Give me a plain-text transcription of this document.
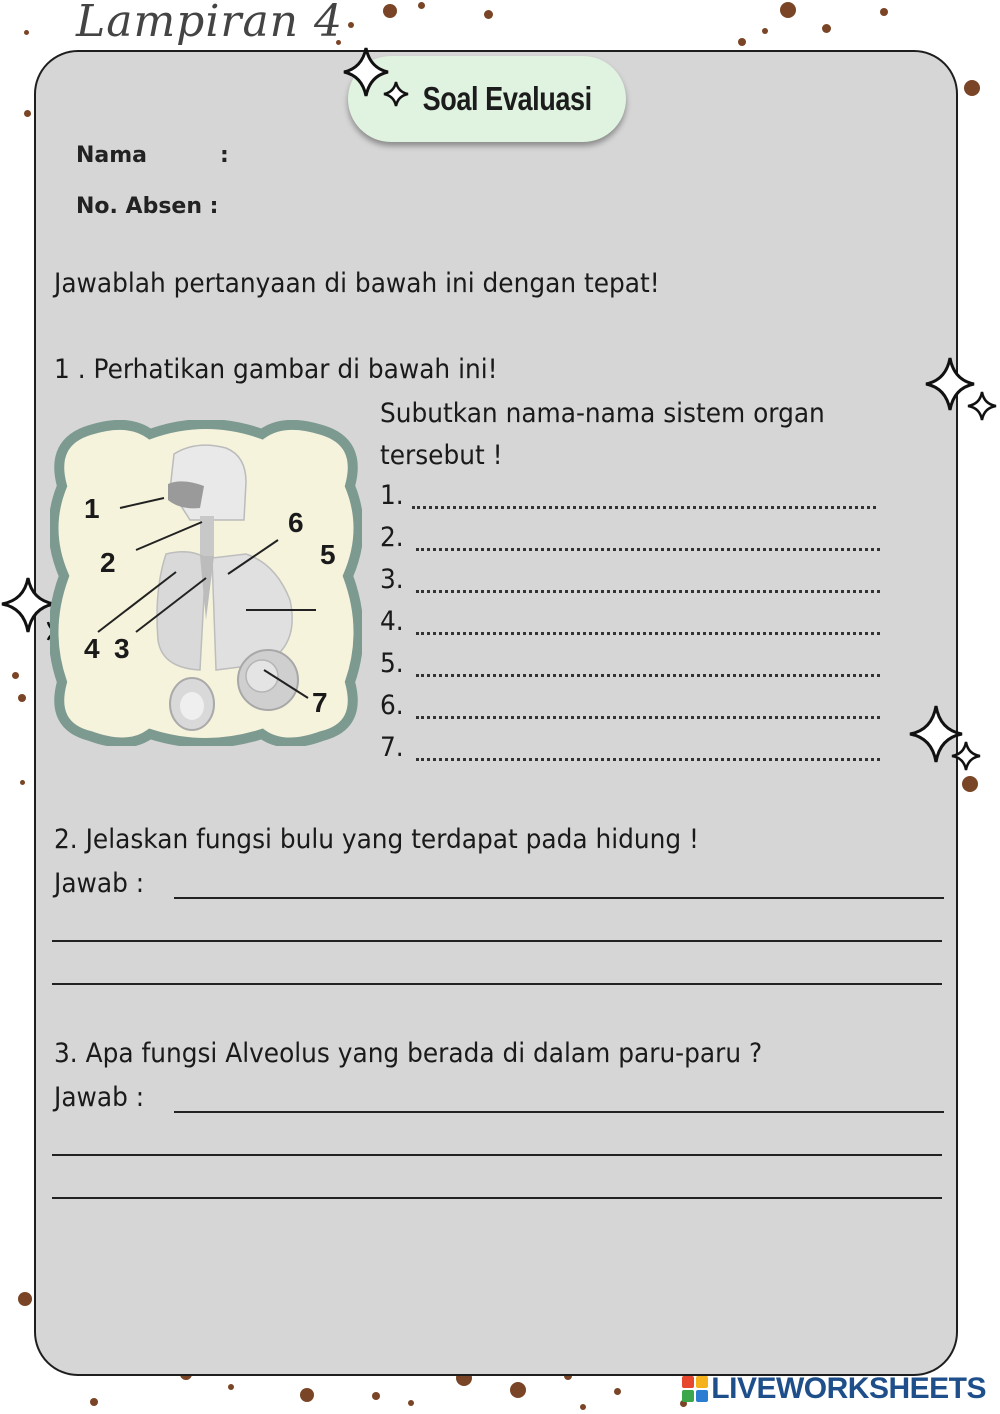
Lampiran 4
Soal Evaluasi
Nama	:
No. Absen :
Jawablah pertanyaan di bawah ini dengan tepat!
1 . Perhatikan gambar di bawah ini!
1
2
6
5
4 3
7
Subutkan nama-nama sistem organ
tersebut !
1.
2.
3.
4.
5.
6.
7.
2. Jelaskan fungsi bulu yang terdapat pada hidung !
Jawab :
3. Apa fungsi Alveolus yang berada di dalam paru-paru ?
Jawab :
LIVEWORKSHEETS
